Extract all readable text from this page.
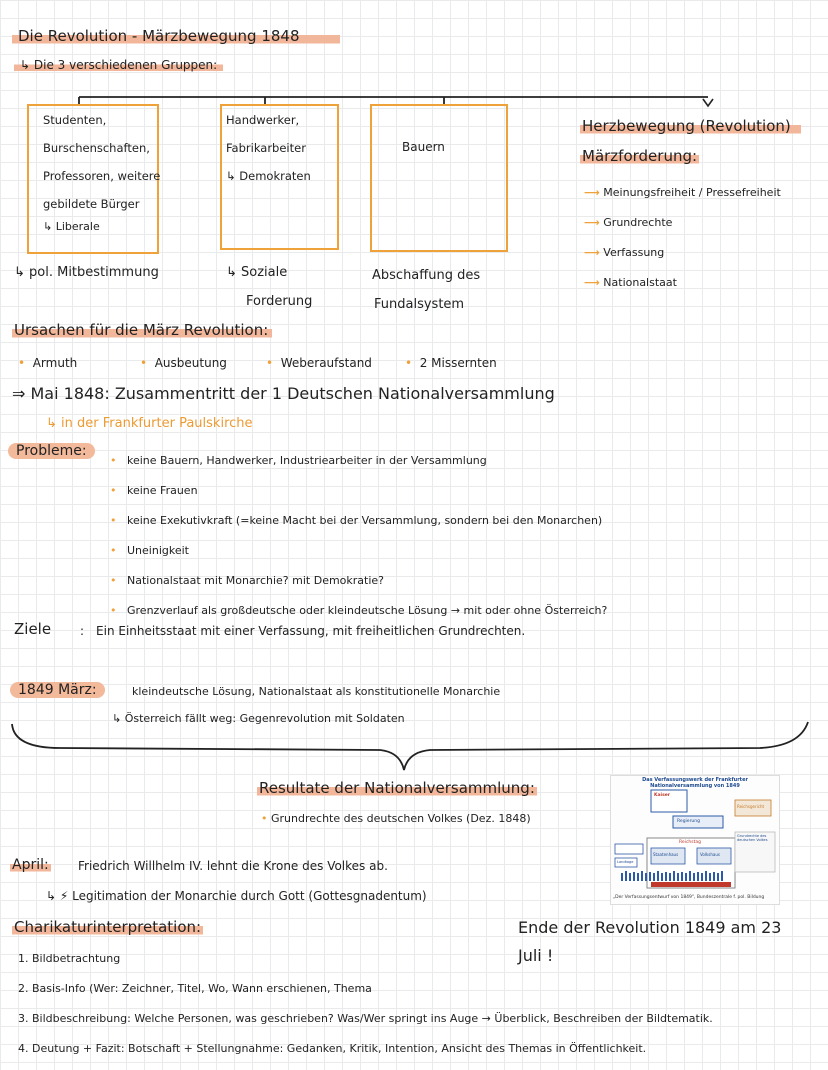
Die Revolution - Märzbewegung 1848
↳ Die 3 verschiedenen Gruppen:
Studenten,
Burschenschaften,
Professoren, weitere
gebildete Bürger
↳ Liberale
Handwerker,
Fabrikarbeiter
↳ Demokraten
Bauern
↳ pol. Mitbestimmung	↳ Soziale
Forderung
Abschaffung des
Fundalsystem
Herzbewegung (Revolution)
Märzforderung:
⟶ Meinungsfreiheit / Pressefreiheit
⟶ Grundrechte
⟶ Verfassung
⟶ Nationalstaat
Ursachen für die März Revolution:
• Armuth	• Ausbeutung	• Weberaufstand	• 2 Missernten
⇒ Mai 1848: Zusammentritt der 1 Deutschen Nationalversammlung
↳ in der Frankfurter Paulskirche
Probleme:
• keine Bauern, Handwerker, Industriearbeiter in der Versammlung
• keine Frauen
• keine Exekutivkraft (=keine Macht bei der Versammlung, sondern bei den Monarchen)
• Uneinigkeit
• Nationalstaat mit Monarchie? mit Demokratie?
• Grenzverlauf als großdeutsche oder kleindeutsche Lösung → mit oder ohne Österreich?
Ziele : Ein Einheitsstaat mit einer Verfassung, mit freiheitlichen Grundrechten.
1849 März:	kleindeutsche Lösung, Nationalstaat als konstitutionelle Monarchie
↳ Österreich fällt weg: Gegenrevolution mit Soldaten
Resultate der Nationalversammlung:
• Grundrechte des deutschen Volkes (Dez. 1848)
Das Verfassungswerk der Frankfurter Nationalversammlung von 1849
Kaiser
Regierung
Reichstag
Staatenhaus	Volkshaus
Reichsgericht
Grundrechte des deutschen Volkes
Landtage
„Der Verfassungsentwurf von 1849", Bundeszentrale f. pol. Bildung
April: Friedrich Willhelm IV. lehnt die Krone des Volkes ab.
↳ ⚡ Legitimation der Monarchie durch Gott (Gottesgnadentum)
Ende der Revolution 1849 am 23
Juli !
Charikaturinterpretation:
1. Bildbetrachtung
2. Basis-Info (Wer: Zeichner, Titel, Wo, Wann erschienen, Thema
3. Bildbeschreibung: Welche Personen, was geschrieben? Was/Wer springt ins Auge → Überblick, Beschreiben der Bildtematik.
4. Deutung + Fazit: Botschaft + Stellungnahme: Gedanken, Kritik, Intention, Ansicht des Themas in Öffentlichkeit.
